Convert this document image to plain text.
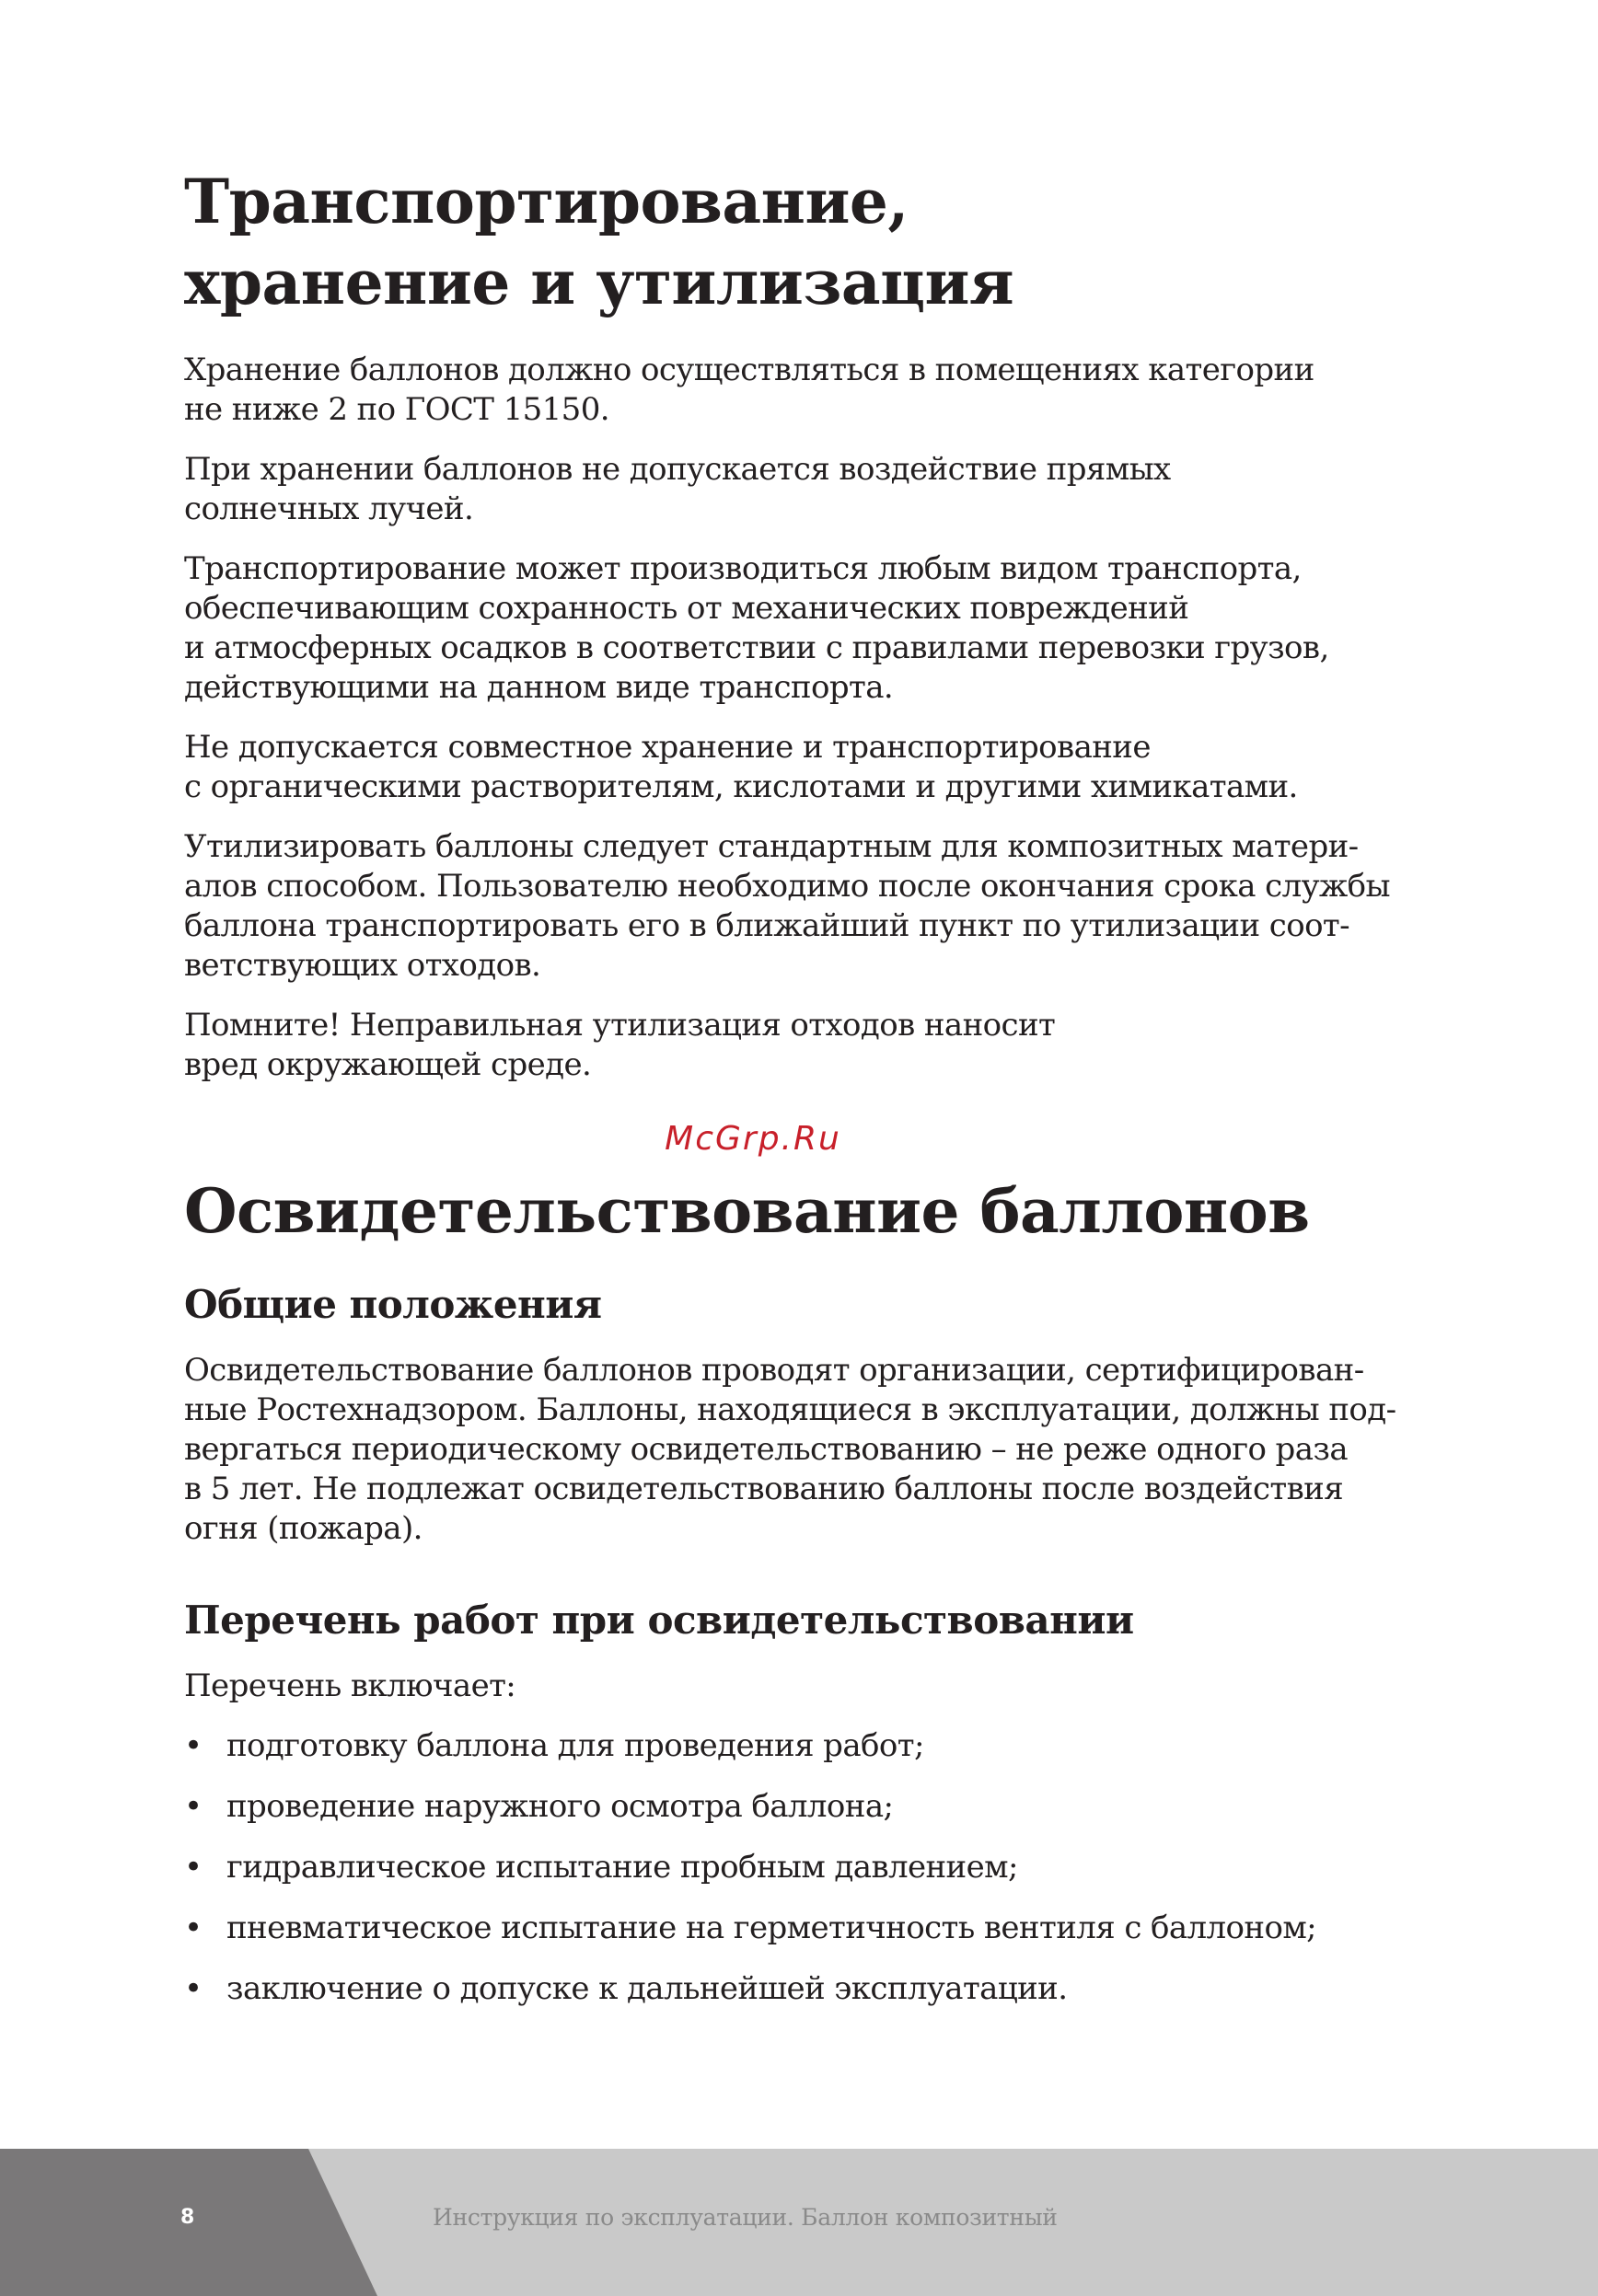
Транспортирование,
хранение и утилизация

Хранение баллонов должно осуществляться в помещениях категории
не ниже 2 по ГОСТ 15150.

При хранении баллонов не допускается воздействие прямых
солнечных лучей.

Транспортирование может производиться любым видом транспорта,
обеспечивающим сохранность от механических повреждений
и атмосферных осадков в соответствии с правилами перевозки грузов,
действующими на данном виде транспорта.

Не допускается совместное хранение и транспортирование
с органическими растворителям, кислотами и другими химикатами.

Утилизировать баллоны следует стандартным для композитных матери-
алов способом. Пользователю необходимо после окончания срока службы
баллона транспортировать его в ближайший пункт по утилизации соот-
ветствующих отходов.

Помните! Неправильная утилизация отходов наносит
вред окружающей среде.

McGrp.Ru
Освидетельствование баллонов
Общие положения

Освидетельствование баллонов проводят организации, сертифицирован-
ные Ростехнадзором. Баллоны, находящиеся в эксплуатации, должны под-
вергаться периодическому освидетельствованию – не реже одного раза
в 5 лет. Не подлежат освидетельствованию баллоны после воздействия
огня (пожара).

Перечень работ при освидетельствовании

Перечень включает:

• подготовку баллона для проведения работ;
• проведение наружного осмотра баллона;
• гидравлическое испытание пробным давлением;
• пневматическое испытание на герметичность вентиля с баллоном;
• заключение о допуске к дальнейшей эксплуатации.
8	Инструкция по эксплуатации. Баллон композитный
